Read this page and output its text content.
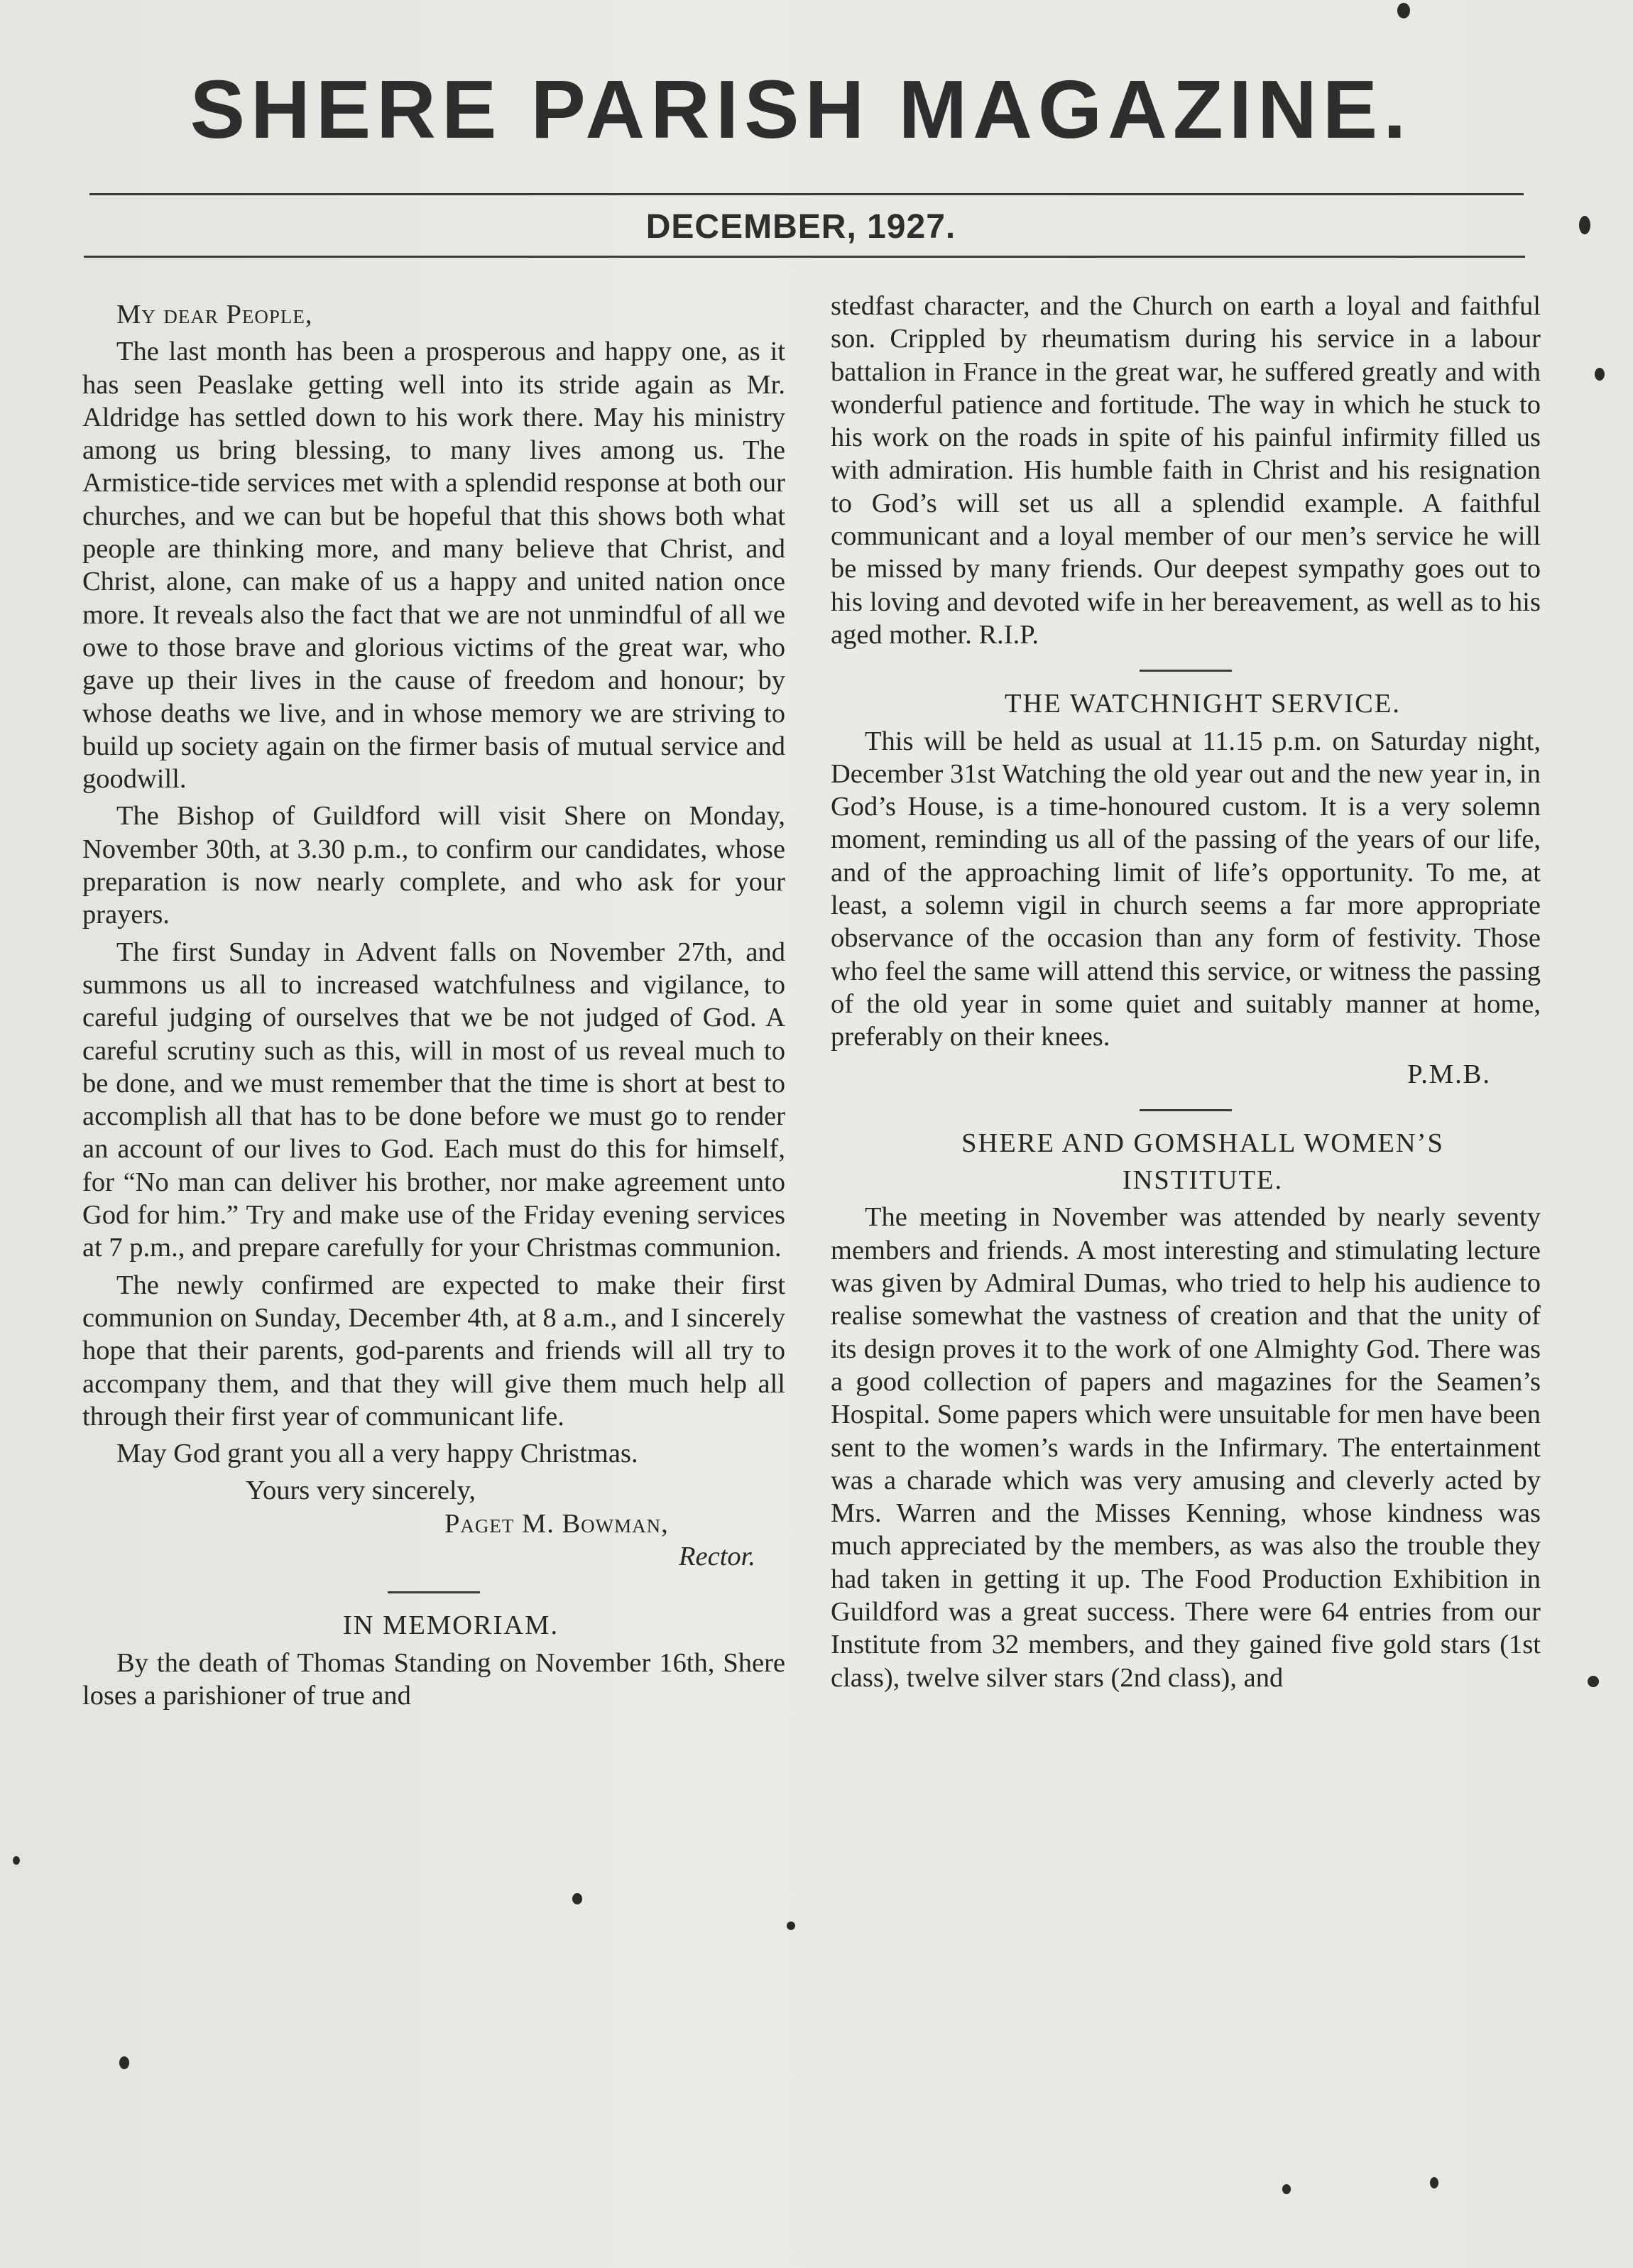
SHERE PARISH MAGAZINE.
DECEMBER, 1927.

My dear People,

The last month has been a prosperous and happy one, as it has seen Peaslake getting well into its stride again as Mr. Aldridge has settled down to his work there. May his ministry among us bring blessing, to many lives among us. The Armistice-tide services met with a splendid response at both our churches, and we can but be hopeful that this shows both what people are thinking more, and many believe that Christ, and Christ, alone, can make of us a happy and united nation once more. It reveals also the fact that we are not unmindful of all we owe to those brave and glorious victims of the great war, who gave up their lives in the cause of freedom and honour; by whose deaths we live, and in whose memory we are striving to build up society again on the firmer basis of mutual service and goodwill.

The Bishop of Guildford will visit Shere on Monday, November 30th, at 3.30 p.m., to confirm our candidates, whose preparation is now nearly complete, and who ask for your prayers.

The first Sunday in Advent falls on November 27th, and summons us all to increased watchfulness and vigilance, to careful judging of ourselves that we be not judged of God. A careful scrutiny such as this, will in most of us reveal much to be done, and we must remember that the time is short at best to accomplish all that has to be done before we must go to render an account of our lives to God. Each must do this for himself, for “No man can deliver his brother, nor make agreement unto God for him.” Try and make use of the Friday evening services at 7 p.m., and prepare carefully for your Christmas communion.

The newly confirmed are expected to make their first communion on Sunday, December 4th, at 8 a.m., and I sincerely hope that their parents, god-parents and friends will all try to accompany them, and that they will give them much help all through their first year of communicant life.

May God grant you all a very happy Christmas.

Yours very sincerely,
Paget M. Bowman,
Rector.

IN MEMORIAM.

By the death of Thomas Standing on November 16th, Shere loses a parishioner of true and

stedfast character, and the Church on earth a loyal and faithful son. Crippled by rheumatism during his service in a labour battalion in France in the great war, he suffered greatly and with wonderful patience and fortitude. The way in which he stuck to his work on the roads in spite of his painful infirmity filled us with admiration. His humble faith in Christ and his resignation to God’s will set us all a splendid example. A faithful communicant and a loyal member of our men’s service he will be missed by many friends. Our deepest sympathy goes out to his loving and devoted wife in her bereavement, as well as to his aged mother. R.I.P.

THE WATCHNIGHT SERVICE.

This will be held as usual at 11.15 p.m. on Saturday night, December 31st Watching the old year out and the new year in, in God’s House, is a time-honoured custom. It is a very solemn moment, reminding us all of the passing of the years of our life, and of the approaching limit of life’s opportunity. To me, at least, a solemn vigil in church seems a far more appropriate observance of the occasion than any form of festivity. Those who feel the same will attend this service, or witness the passing of the old year in some quiet and suitably manner at home, preferably on their knees.

P.M.B.

SHERE AND GOMSHALL WOMEN’S

INSTITUTE.

The meeting in November was attended by nearly seventy members and friends. A most interesting and stimulating lecture was given by Admiral Dumas, who tried to help his audience to realise somewhat the vastness of creation and that the unity of its design proves it to the work of one Almighty God. There was a good collection of papers and magazines for the Seamen’s Hospital. Some papers which were unsuitable for men have been sent to the women’s wards in the Infirmary. The entertainment was a charade which was very amusing and cleverly acted by Mrs. Warren and the Misses Kenning, whose kindness was much appreciated by the members, as was also the trouble they had taken in getting it up. The Food Production Exhibition in Guildford was a great success. There were 64 entries from our Institute from 32 members, and they gained five gold stars (1st class), twelve silver stars (2nd class), and
